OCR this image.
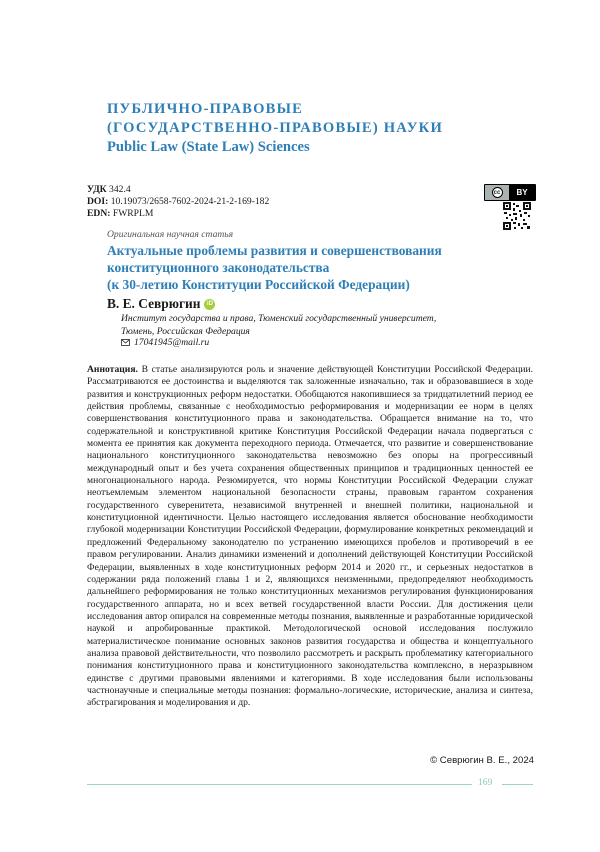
ПУБЛИЧНО-ПРАВОВЫЕ
(ГОСУДАРСТВЕННО-ПРАВОВЫЕ) НАУКИ
Public Law (State Law) Sciences
УДК 342.4
DOI: 10.19073/2658-7602-2024-21-2-169-182
EDN: FWRPLM
cc	BY
Оригинальная научная статья
Актуальные проблемы развития и совершенствования
конституционного законодательства
(к 30-летию Конституции Российской Федерации)
В. Е. Севрюгин	iD
Институт государства и права, Тюменский государственный университет,
Тюмень, Российская Федерация
17041945@mail.ru
Аннотация. В статье анализируются роль и значение действующей Конституции Российской Федерации. Рассматриваются ее достоинства и выделяются так заложенные изначально, так и образовавшиеся в ходе развития и конструкционных реформ недостатки. Обобщаются накопившиеся за тридцатилетний период ее действия проблемы, связанные с необходимостью реформирования и модернизации ее норм в целях совершенствования конституционного права и законодательства. Обращается внимание на то, что содержательной и конструктивной критике Конституция Российской Федерации начала подвергаться с момента ее принятия как документа переходного периода. Отмечается, что развитие и совершенствование национального конституционного законодательства невозможно без опоры на прогрессивный международный опыт и без учета сохранения общественных принципов и традиционных ценностей ее многонационального народа. Резюмируется, что нормы Конституции Российской Федерации служат неотъемлемым элементом национальной безопасности страны, правовым гарантом сохранения государственного суверенитета, независимой внутренней и внешней политики, национальной и конституционной идентичности. Целью настоящего исследования является обоснование необходимости глубокой модернизации Конституции Российской Федерации, формулирование конкретных рекомендаций и предложений Федеральному законодателю по устранению имеющихся пробелов и противоречий в ее правом регулировании. Анализ динамики изменений и дополнений действующей Конституции Российской Федерации, выявленных в ходе конституционных реформ 2014 и 2020 гг., и серьезных недостатков в содержании ряда положений главы 1 и 2, являющихся неизменными, предопределяют необходимость дальнейшего реформирования не только конституционных механизмов регулирования функционирования государственного аппарата, но и всех ветвей государственной власти России. Для достижения цели исследования автор опирался на современные методы познания, выявленные и разработанные юридической наукой и апробированные практикой. Методологической основой исследования послужило материалистическое понимание основных законов развития государства и общества и концептуального анализа правовой действительности, что позволило рассмотреть и раскрыть проблематику категориального понимания конституционного права и конституционного законодательства комплексно, в неразрывном единстве с другими правовыми явлениями и категориями. В ходе исследования были использованы частнонаучные и специальные методы познания: формально-логические, исторические, анализа и синтеза, абстрагирования и моделирования и др.
© Севрюгин В. Е., 2024
169
